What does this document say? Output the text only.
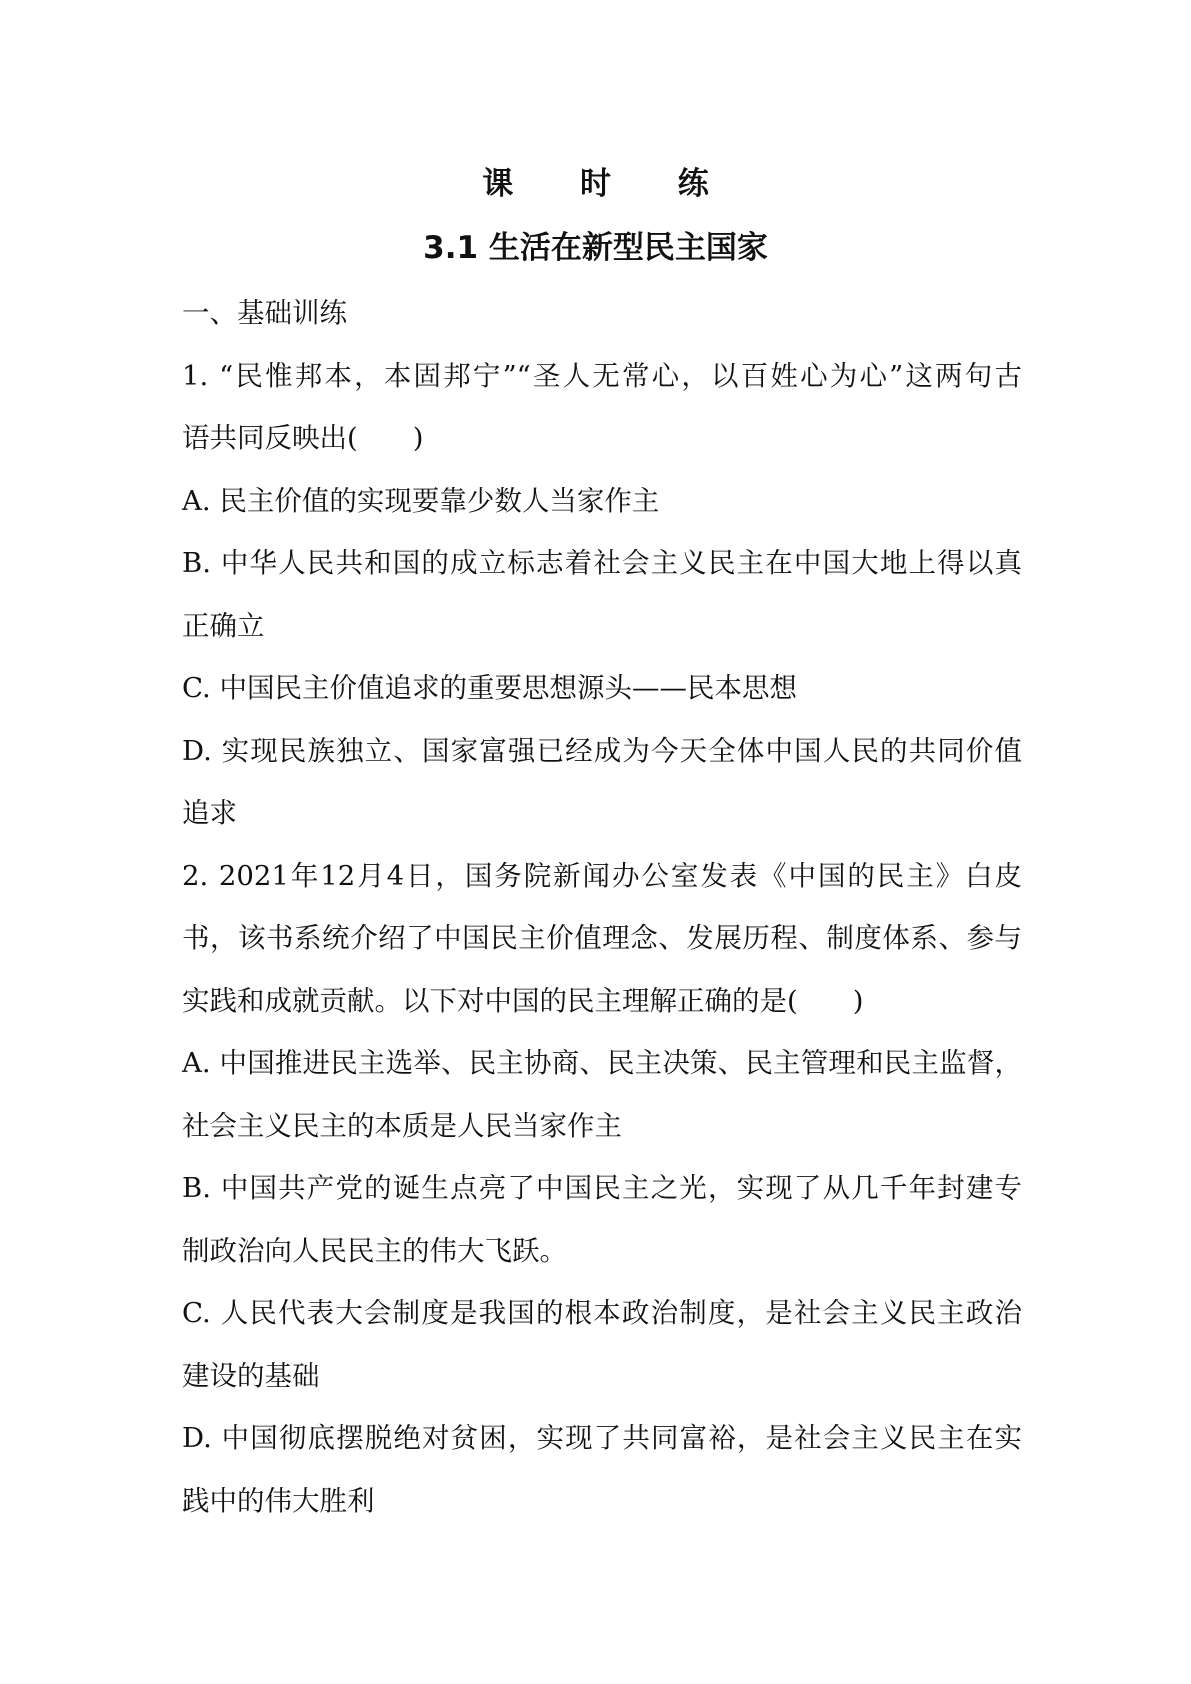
课 时 练
3.1 生活在新型民主国家
一、基础训练
1. “民惟邦本，本固邦宁”“圣人无常心，以百姓心为心”这两句古
语共同反映出(　　)
A. 民主价值的实现要靠少数人当家作主
B. 中华人民共和国的成立标志着社会主义民主在中国大地上得以真
正确立
C. 中国民主价值追求的重要思想源头——民本思想
D. 实现民族独立、国家富强已经成为今天全体中国人民的共同价值
追求
2. 2021年12月4日，国务院新闻办公室发表《中国的民主》白皮
书，该书系统介绍了中国民主价值理念、发展历程、制度体系、参与
实践和成就贡献。以下对中国的民主理解正确的是(　　)
A. 中国推进民主选举、民主协商、民主决策、民主管理和民主监督，
社会主义民主的本质是人民当家作主
B. 中国共产党的诞生点亮了中国民主之光，实现了从几千年封建专
制政治向人民民主的伟大飞跃。
C. 人民代表大会制度是我国的根本政治制度，是社会主义民主政治
建设的基础
D. 中国彻底摆脱绝对贫困，实现了共同富裕，是社会主义民主在实
践中的伟大胜利
